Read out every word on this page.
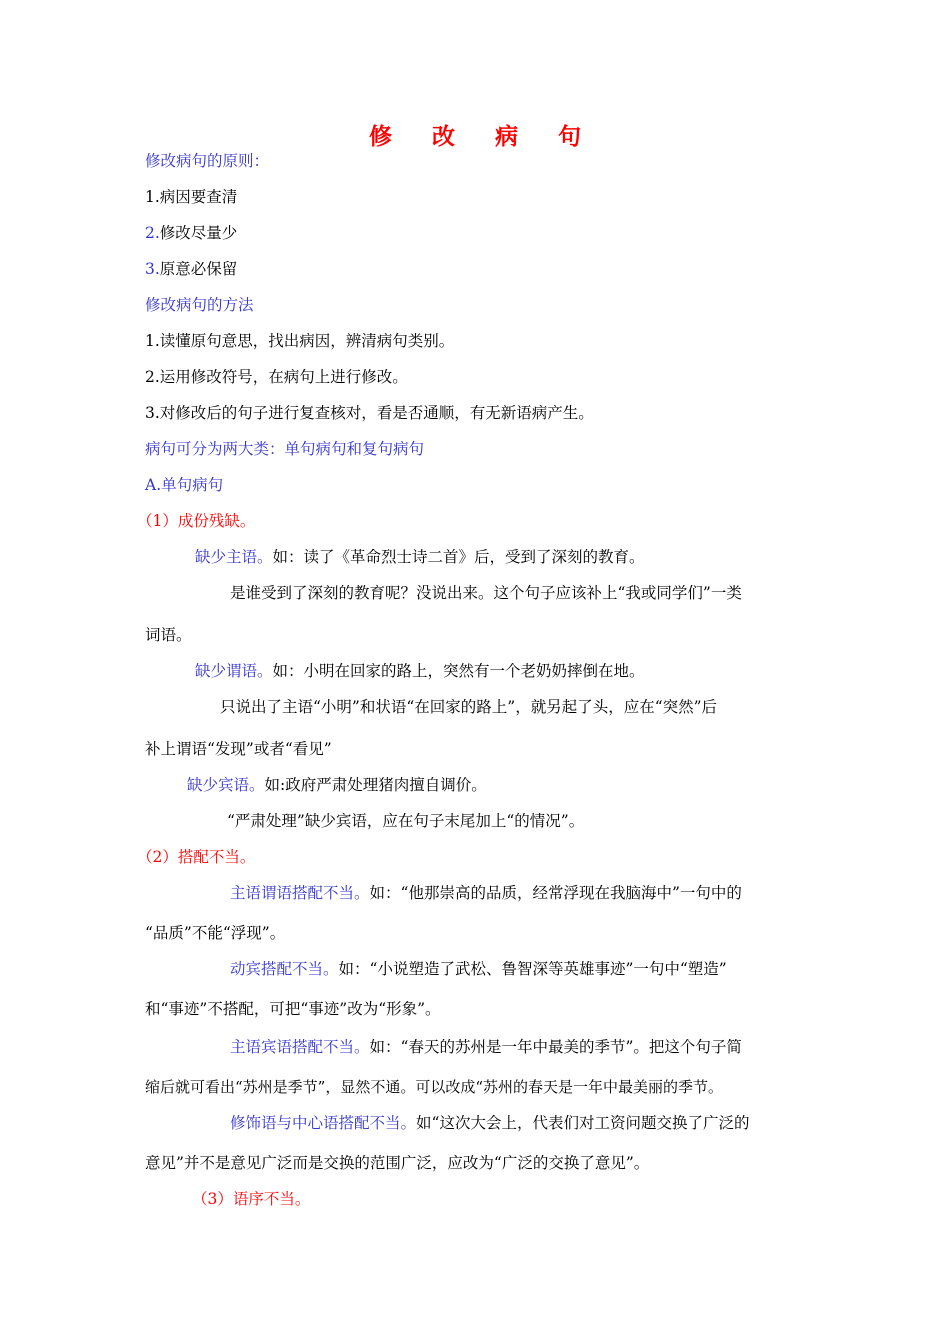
修 改 病 句
修改病句的原则：
1.病因要查清
2.修改尽量少
3.原意必保留
修改病句的方法
1.读懂原句意思，找出病因，辨清病句类别。
2.运用修改符号，在病句上进行修改。
3.对修改后的句子进行复查核对，看是否通顺，有无新语病产生。
病句可分为两大类：单句病句和复句病句
A.单句病句
（1）成份残缺。
缺少主语。如：读了《革命烈士诗二首》后，受到了深刻的教育。
是谁受到了深刻的教育呢？没说出来。这个句子应该补上“我或同学们”一类
词语。
缺少谓语。如：小明在回家的路上，突然有一个老奶奶摔倒在地。
只说出了主语“小明”和状语“在回家的路上”，就另起了头，应在“突然”后
补上谓语“发现”或者“看见”
缺少宾语。如:政府严肃处理猪肉擅自调价。
“严肃处理”缺少宾语，应在句子末尾加上“的情况”。
（2）搭配不当。
主语谓语搭配不当。如：“他那崇高的品质，经常浮现在我脑海中”一句中的
“品质”不能“浮现”。
动宾搭配不当。如：“小说塑造了武松、鲁智深等英雄事迹”一句中“塑造”
和“事迹”不搭配，可把“事迹”改为“形象”。
主语宾语搭配不当。如：“春天的苏州是一年中最美的季节”。把这个句子简
缩后就可看出“苏州是季节”，显然不通。可以改成“苏州的春天是一年中最美丽的季节。
修饰语与中心语搭配不当。如“这次大会上，代表们对工资问题交换了广泛的
意见”并不是意见广泛而是交换的范围广泛，应改为“广泛的交换了意见”。
（3）语序不当。
